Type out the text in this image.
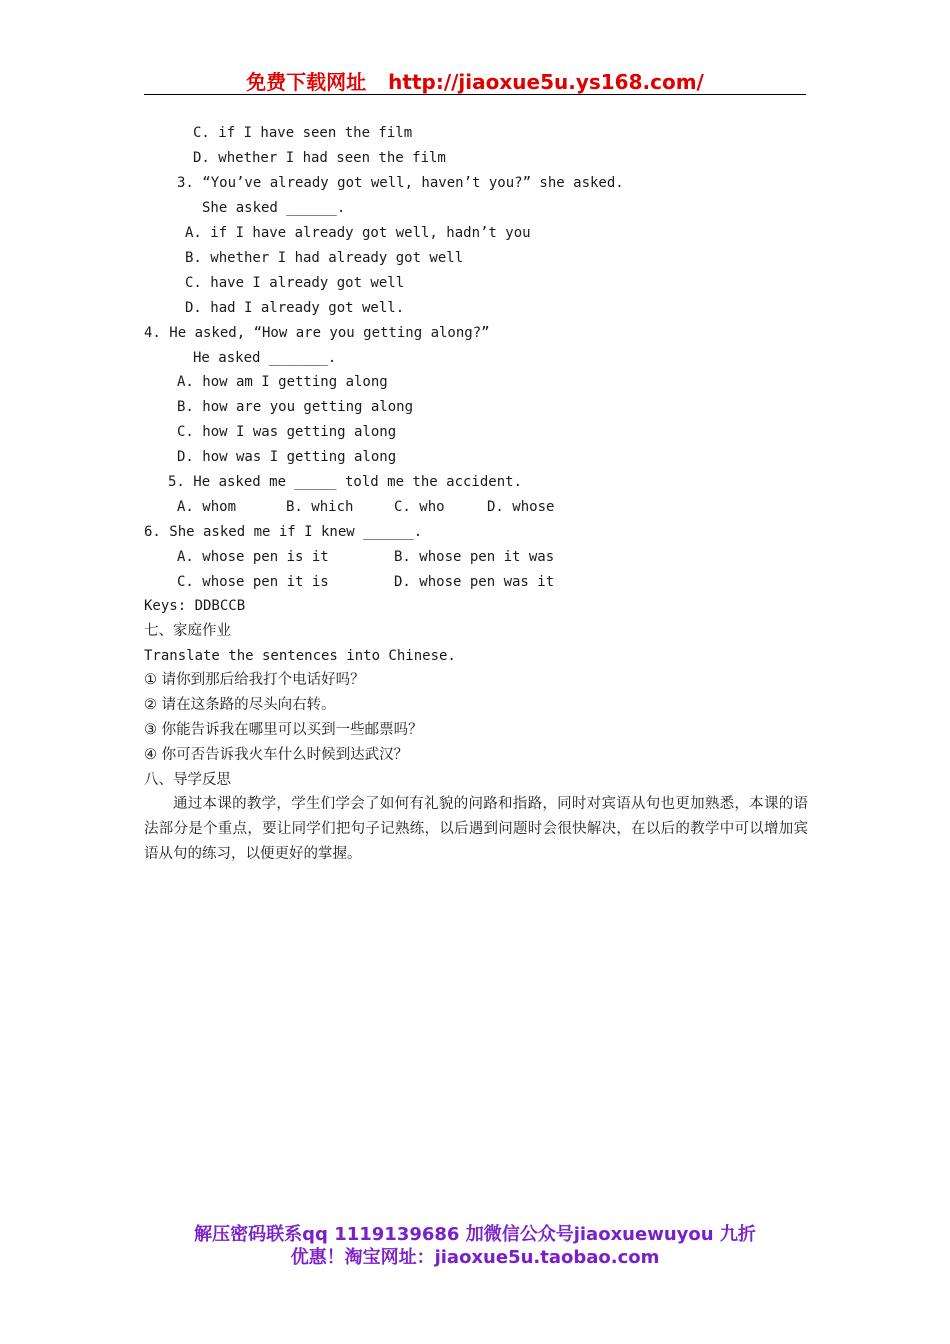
免费下载网址 http://jiaoxue5u.ys168.com/
C. if I have seen the film
D. whether I had seen the film
3. “You’ve already got well, haven’t you?” she asked.
She asked ______.
A. if I have already got well, hadn’t you
B. whether I had already got well
C. have I already got well
D. had I already got well.
4. He asked, “How are you getting along?”
He asked _______.
A. how am I getting along
B. how are you getting along
C. how I was getting along
D. how was I getting along
5. He asked me _____ told me the accident.
A. whom	B. which	C. who	D. whose
6. She asked me if I knew ______.
A. whose pen is it	B. whose pen it was
C. whose pen it is	D. whose pen was it
Keys: DDBCCB
七、家庭作业
Translate the sentences into Chinese.
① 请你到那后给我打个电话好吗？
② 请在这条路的尽头向右转。
③ 你能告诉我在哪里可以买到一些邮票吗？
④ 你可否告诉我火车什么时候到达武汉？
八、导学反思
通过本课的教学，学生们学会了如何有礼貌的问路和指路，同时对宾语从句也更加熟悉，本课的语法部分是个重点，要让同学们把句子记熟练，以后遇到问题时会很快解决，在以后的教学中可以增加宾语从句的练习，以便更好的掌握。
解压密码联系qq 1119139686 加微信公众号jiaoxuewuyou 九折
优惠！淘宝网址：jiaoxue5u.taobao.com
